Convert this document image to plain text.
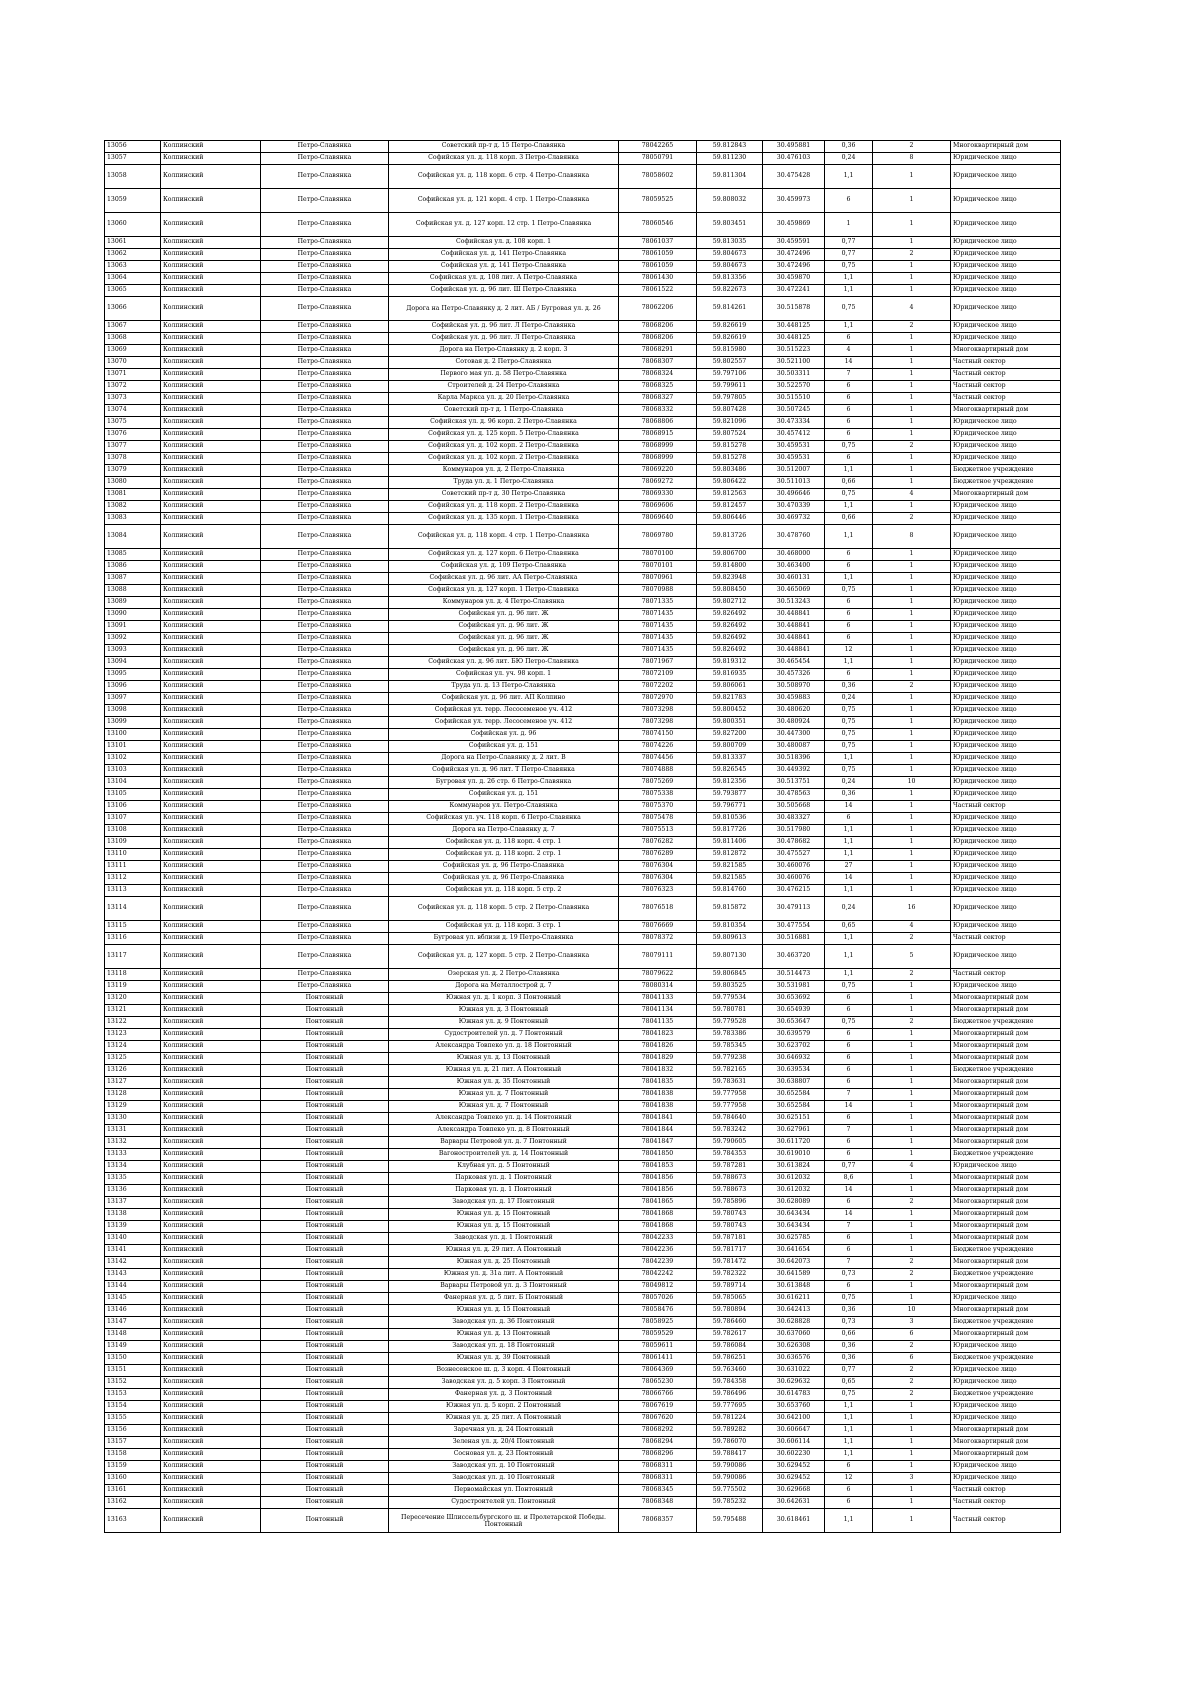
13056	Колпинский	Петро-Славянка	Советский пр-т д. 15 Петро-Славянка	78042265	59.812843	30.495881	0,36	2	Многоквартирный дом
13057	Колпинский	Петро-Славянка	Софийская ул. д. 118 корп. 3 Петро-Славянка	78050791	59.811230	30.476103	0,24	8	Юридическое лицо
13058	Колпинский	Петро-Славянка	Софийская ул. д. 118 корп. 6 стр. 4 Петро-Славянка	78058602	59.811304	30.475428	1,1	1	Юридическое лицо
13059	Колпинский	Петро-Славянка	Софийская ул. д. 121 корп. 4 стр. 1 Петро-Славянка	78059525	59.808032	30.459973	6	1	Юридическое лицо
13060	Колпинский	Петро-Славянка	Софийская ул. д. 127 корп. 12 стр. 1 Петро-Славянка	78060546	59.803451	30.459869	1	1	Юридическое лицо
13061	Колпинский	Петро-Славянка	Софийская ул. д. 108 корп. 1	78061037	59.813035	30.459591	0,77	1	Юридическое лицо
13062	Колпинский	Петро-Славянка	Софийская ул. д. 141 Петро-Славянка	78061059	59.804673	30.472496	0,77	2	Юридическое лицо
13063	Колпинский	Петро-Славянка	Софийская ул. д. 141 Петро-Славянка	78061059	59.804673	30.472496	0,75	1	Юридическое лицо
13064	Колпинский	Петро-Славянка	Софийская ул. д. 108 лит. А Петро-Славянка	78061430	59.813356	30.459870	1,1	1	Юридическое лицо
13065	Колпинский	Петро-Славянка	Софийская ул. д. 96 лит. Ш Петро-Славянка	78061522	59.822673	30.472241	1,1	1	Юридическое лицо
13066	Колпинский	Петро-Славянка	Дорога на Петро-Славянку д. 2 лит. АБ / Бугровая ул. д. 26	78062206	59.814261	30.515878	0,75	4	Юридическое лицо
13067	Колпинский	Петро-Славянка	Софийская ул. д. 96 лит. Л Петро-Славянка	78068206	59.826619	30.448125	1,1	2	Юридическое лицо
13068	Колпинский	Петро-Славянка	Софийская ул. д. 96 лит. Л Петро-Славянка	78068206	59.826619	30.448125	6	1	Юридическое лицо
13069	Колпинский	Петро-Славянка	Дорога на Петро-Славянку д. 2 корп. 3	78068291	59.815980	30.515223	4	1	Многоквартирный дом
13070	Колпинский	Петро-Славянка	Сотовая д. 2 Петро-Славянка	78068307	59.802557	30.521100	14	1	Частный сектор
13071	Колпинский	Петро-Славянка	Первого мая ул. д. 58 Петро-Славянка	78068324	59.797106	30.503311	7	1	Частный сектор
13072	Колпинский	Петро-Славянка	Строителей д. 24 Петро-Славянка	78068325	59.799611	30.522570	6	1	Частный сектор
13073	Колпинский	Петро-Славянка	Карла Маркса ул. д. 20 Петро-Славянка	78068327	59.797805	30.515510	6	1	Частный сектор
13074	Колпинский	Петро-Славянка	Советский пр-т д. 1 Петро-Славянка	78068332	59.807428	30.507245	6	1	Многоквартирный дом
13075	Колпинский	Петро-Славянка	Софийская ул. д. 96 корп. 2 Петро-Славянка	78068806	59.821096	30.473334	6	1	Юридическое лицо
13076	Колпинский	Петро-Славянка	Софийская ул. д. 125 корп. 5 Петро-Славянка	78068915	59.807524	30.457412	6	1	Юридическое лицо
13077	Колпинский	Петро-Славянка	Софийская ул. д. 102 корп. 2 Петро-Славянка	78068999	59.815278	30.459531	0,75	2	Юридическое лицо
13078	Колпинский	Петро-Славянка	Софийская ул. д. 102 корп. 2 Петро-Славянка	78068999	59.815278	30.459531	6	1	Юридическое лицо
13079	Колпинский	Петро-Славянка	Коммунаров ул. д. 2 Петро-Славянка	78069220	59.803486	30.512007	1,1	1	Бюджетное учреждение
13080	Колпинский	Петро-Славянка	Труда ул. д. 1 Петро-Славянка	78069272	59.806422	30.511013	0,66	1	Бюджетное учреждение
13081	Колпинский	Петро-Славянка	Советский пр-т д. 30 Петро-Славянка	78069330	59.812563	30.496646	0,75	4	Многоквартирный дом
13082	Колпинский	Петро-Славянка	Софийская ул. д. 118 корп. 2 Петро-Славянка	78069606	59.812457	30.470339	1,1	1	Юридическое лицо
13083	Колпинский	Петро-Славянка	Софийская ул. д. 135 корп. 1 Петро-Славянка	78069640	59.806446	30.469732	0,66	2	Юридическое лицо
13084	Колпинский	Петро-Славянка	Софийская ул. д. 118 корп. 4 стр. 1 Петро-Славянка	78069780	59.813726	30.478760	1,1	8	Юридическое лицо
13085	Колпинский	Петро-Славянка	Софийская ул. д. 127 корп. 6 Петро-Славянка	78070100	59.806700	30.468000	6	1	Юридическое лицо
13086	Колпинский	Петро-Славянка	Софийская ул. д. 109 Петро-Славянка	78070101	59.814800	30.463400	6	1	Юридическое лицо
13087	Колпинский	Петро-Славянка	Софийская ул. д. 96 лит. АА Петро-Славянка	78070961	59.823948	30.460131	1,1	1	Юридическое лицо
13088	Колпинский	Петро-Славянка	Софийская ул. д. 127 корп. 1 Петро-Славянка	78070988	59.808450	30.465069	0,75	1	Юридическое лицо
13089	Колпинский	Петро-Славянка	Коммунаров ул. д. 4 Петро-Славянка	78071335	59.802712	30.513243	6	1	Юридическое лицо
13090	Колпинский	Петро-Славянка	Софийская ул. д. 96 лит. Ж	78071435	59.826492	30.448841	6	1	Юридическое лицо
13091	Колпинский	Петро-Славянка	Софийская ул. д. 96 лит. Ж	78071435	59.826492	30.448841	6	1	Юридическое лицо
13092	Колпинский	Петро-Славянка	Софийская ул. д. 96 лит. Ж	78071435	59.826492	30.448841	6	1	Юридическое лицо
13093	Колпинский	Петро-Славянка	Софийская ул. д. 96 лит. Ж	78071435	59.826492	30.448841	12	1	Юридическое лицо
13094	Колпинский	Петро-Славянка	Софийская ул. д. 96 лит. БЮ Петро-Славянка	78071967	59.819312	30.465454	1,1	1	Юридическое лицо
13095	Колпинский	Петро-Славянка	Софийская ул. уч. 98 корп. 1	78072109	59.816935	30.457326	6	1	Юридическое лицо
13096	Колпинский	Петро-Славянка	Труда ул. д. 13 Петро-Славянка	78072202	59.806061	30.508970	0,36	2	Юридическое лицо
13097	Колпинский	Петро-Славянка	Софийская ул. д. 96 лит. АП Колпино	78072970	59.821783	30.459883	0,24	1	Юридическое лицо
13098	Колпинский	Петро-Славянка	Софийская ул. терр. Лесосеменое уч. 412	78073298	59.800452	30.480620	0,75	1	Юридическое лицо
13099	Колпинский	Петро-Славянка	Софийская ул. терр. Лесосеменое уч. 412	78073298	59.800351	30.480924	0,75	1	Юридическое лицо
13100	Колпинский	Петро-Славянка	Софийская ул. д. 96	78074150	59.827200	30.447300	0,75	1	Юридическое лицо
13101	Колпинский	Петро-Славянка	Софийская ул. д. 151	78074226	59.800709	30.480087	0,75	1	Юридическое лицо
13102	Колпинский	Петро-Славянка	Дорога на Петро-Славянку д. 2 лит. В	78074456	59.813337	30.518396	1,1	1	Юридическое лицо
13103	Колпинский	Петро-Славянка	Софийская ул. д. 96 лит. Т Петро-Славянка	78074888	59.826545	30.449392	0,75	1	Юридическое лицо
13104	Колпинский	Петро-Славянка	Бугровая ул. д. 26 стр. 6 Петро-Славянка	78075269	59.812356	30.513751	0,24	10	Юридическое лицо
13105	Колпинский	Петро-Славянка	Софийская ул. д. 151	78075338	59.793877	30.478563	0,36	1	Юридическое лицо
13106	Колпинский	Петро-Славянка	Коммунаров ул. Петро-Славянка	78075370	59.796771	30.505668	14	1	Частный сектор
13107	Колпинский	Петро-Славянка	Софийская ул. уч. 118 корп. 6 Петро-Славянка	78075478	59.810536	30.483327	6	1	Юридическое лицо
13108	Колпинский	Петро-Славянка	Дорога на Петро-Славянку д. 7	78075513	59.817726	30.517980	1,1	1	Юридическое лицо
13109	Колпинский	Петро-Славянка	Софийская ул. д. 118 корп. 4 стр. 1	78076282	59.811406	30.478682	1,1	1	Юридическое лицо
13110	Колпинский	Петро-Славянка	Софийская ул. д. 118 корп. 2 стр. 1	78076289	59.812872	30.475527	1,1	1	Юридическое лицо
13111	Колпинский	Петро-Славянка	Софийская ул. д. 96 Петро-Славянка	78076304	59.821585	30.460076	27	1	Юридическое лицо
13112	Колпинский	Петро-Славянка	Софийская ул. д. 96 Петро-Славянка	78076304	59.821585	30.460076	14	1	Юридическое лицо
13113	Колпинский	Петро-Славянка	Софийская ул. д. 118 корп. 5 стр. 2	78076323	59.814760	30.476215	1,1	1	Юридическое лицо
13114	Колпинский	Петро-Славянка	Софийская ул. д. 118 корп. 5 стр. 2 Петро-Славянка	78076518	59.815872	30.479113	0,24	16	Юридическое лицо
13115	Колпинский	Петро-Славянка	Софийская ул. д. 118 корп. 3 стр. 1	78076669	59.810354	30.477554	0,65	4	Юридическое лицо
13116	Колпинский	Петро-Славянка	Бугровая ул. вблизи д. 19 Петро-Славянка	78078372	59.809613	30.516881	1,1	2	Частный сектор
13117	Колпинский	Петро-Славянка	Софийская ул. д. 127 корп. 5 стр. 2 Петро-Славянка	78079111	59.807130	30.463720	1,1	5	Юридическое лицо
13118	Колпинский	Петро-Славянка	Озерская ул. д. 2 Петро-Славянка	78079622	59.806845	30.514473	1,1	2	Частный сектор
13119	Колпинский	Петро-Славянка	Дорога на Металлострой д. 7	78080314	59.803525	30.531981	0,75	1	Юридическое лицо
13120	Колпинский	Понтонный	Южная ул. д. 1 корп. 3 Понтонный	78041133	59.779534	30.653692	6	1	Многоквартирный дом
13121	Колпинский	Понтонный	Южная ул. д. 3 Понтонный	78041134	59.780781	30.654939	6	1	Многоквартирный дом
13122	Колпинский	Понтонный	Южная ул. д. 9 Понтонный	78041135	59.779528	30.653647	0,75	2	Бюджетное учреждение
13123	Колпинский	Понтонный	Судостроителей ул. д. 7 Понтонный	78041823	59.783386	30.639579	6	1	Многоквартирный дом
13124	Колпинский	Понтонный	Александра Товпеко ул. д. 18 Понтонный	78041826	59.785345	30.623702	6	1	Многоквартирный дом
13125	Колпинский	Понтонный	Южная ул. д. 13 Понтонный	78041829	59.779238	30.646932	6	1	Многоквартирный дом
13126	Колпинский	Понтонный	Южная ул. д. 21 лит. А Понтонный	78041832	59.782165	30.639534	6	1	Бюджетное учреждение
13127	Колпинский	Понтонный	Южная ул. д. 35 Понтонный	78041835	59.783631	30.638807	6	1	Многоквартирный дом
13128	Колпинский	Понтонный	Южная ул. д. 7 Понтонный	78041838	59.777958	30.652584	7	1	Многоквартирный дом
13129	Колпинский	Понтонный	Южная ул. д. 7 Понтонный	78041838	59.777958	30.652584	14	1	Многоквартирный дом
13130	Колпинский	Понтонный	Александра Товпеко ул. д. 14 Понтонный	78041841	59.784640	30.625151	6	1	Многоквартирный дом
13131	Колпинский	Понтонный	Александра Товпеко ул. д. 8 Понтонный	78041844	59.783242	30.627961	7	1	Многоквартирный дом
13132	Колпинский	Понтонный	Варвары Петровой ул. д. 7 Понтонный	78041847	59.790605	30.611720	6	1	Многоквартирный дом
13133	Колпинский	Понтонный	Вагоностроителей ул. д. 14 Понтонный	78041850	59.784353	30.619010	6	1	Бюджетное учреждение
13134	Колпинский	Понтонный	Клубная ул. д. 5 Понтонный	78041853	59.787281	30.613824	0,77	4	Юридическое лицо
13135	Колпинский	Понтонный	Парковая ул. д. 1 Понтонный	78041856	59.788673	30.612032	8,6	1	Многоквартирный дом
13136	Колпинский	Понтонный	Парковая ул. д. 1 Понтонный	78041856	59.788673	30.612032	14	1	Многоквартирный дом
13137	Колпинский	Понтонный	Заводская ул. д. 17 Понтонный	78041865	59.785896	30.628089	6	2	Многоквартирный дом
13138	Колпинский	Понтонный	Южная ул. д. 15 Понтонный	78041868	59.780743	30.643434	14	1	Многоквартирный дом
13139	Колпинский	Понтонный	Южная ул. д. 15 Понтонный	78041868	59.780743	30.643434	7	1	Многоквартирный дом
13140	Колпинский	Понтонный	Заводская ул. д. 1 Понтонный	78042233	59.787181	30.625785	6	1	Многоквартирный дом
13141	Колпинский	Понтонный	Южная ул. д. 29 лит. А Понтонный	78042236	59.781717	30.641654	6	1	Бюджетное учреждение
13142	Колпинский	Понтонный	Южная ул. д. 25 Понтонный	78042239	59.781472	30.642073	7	2	Многоквартирный дом
13143	Колпинский	Понтонный	Южная ул. д. 31а лит. А Понтонный	78042242	59.782322	30.641589	0,73	2	Бюджетное учреждение
13144	Колпинский	Понтонный	Варвары Петровой ул. д. 3 Понтонный	78049812	59.789714	30.613848	6	1	Многоквартирный дом
13145	Колпинский	Понтонный	Фанерная ул. д. 5 лит. Б Понтонный	78057026	59.785065	30.616211	0,75	1	Юридическое лицо
13146	Колпинский	Понтонный	Южная ул. д. 15 Понтонный	78058476	59.780894	30.642413	0,36	10	Многоквартирный дом
13147	Колпинский	Понтонный	Заводская ул. д. 36 Понтонный	78058925	59.786460	30.628828	0,73	3	Бюджетное учреждение
13148	Колпинский	Понтонный	Южная ул. д. 13 Понтонный	78059529	59.782617	30.637060	0,66	6	Многоквартирный дом
13149	Колпинский	Понтонный	Заводская ул. д. 18 Понтонный	78059611	59.786084	30.626308	0,36	2	Юридическое лицо
13150	Колпинский	Понтонный	Южная ул. д. 39 Понтонный	78061411	59.786251	30.636576	0,36	6	Бюджетное учреждение
13151	Колпинский	Понтонный	Вознесенское ш. д. 3 корп. 4 Понтонный	78064369	59.763460	30.631022	0,77	2	Юридическое лицо
13152	Колпинский	Понтонный	Заводская ул. д. 5 корп. 3 Понтонный	78065230	59.784358	30.629632	0,65	2	Юридическое лицо
13153	Колпинский	Понтонный	Фанерная ул. д. 3 Понтонный	78066766	59.786496	30.614783	0,75	2	Бюджетное учреждение
13154	Колпинский	Понтонный	Южная ул. д. 5 корп. 2 Понтонный	78067619	59.777695	30.653760	1,1	1	Юридическое лицо
13155	Колпинский	Понтонный	Южная ул. д. 25 лит. А Понтонный	78067620	59.781224	30.642100	1,1	1	Юридическое лицо
13156	Колпинский	Понтонный	Заречная ул. д. 24 Понтонный	78068292	59.789282	30.606647	1,1	1	Многоквартирный дом
13157	Колпинский	Понтонный	Зеленая ул. д. 20/4 Понтонный	78068294	59.786070	30.606114	1,1	1	Многоквартирный дом
13158	Колпинский	Понтонный	Сосновая ул. д. 23 Понтонный	78068296	59.788417	30.602230	1,1	1	Многоквартирный дом
13159	Колпинский	Понтонный	Заводская ул. д. 10 Понтонный	78068311	59.790086	30.629452	6	1	Юридическое лицо
13160	Колпинский	Понтонный	Заводская ул. д. 10 Понтонный	78068311	59.790086	30.629452	12	3	Юридическое лицо
13161	Колпинский	Понтонный	Первомайская ул. Понтонный	78068345	59.775502	30.629668	6	1	Частный сектор
13162	Колпинский	Понтонный	Судостроителей ул. Понтонный	78068348	59.785232	30.642631	6	1	Частный сектор
13163	Колпинский	Понтонный	Пересечение Шлиссельбургского ш. и Пролетарской Победы. Понтонный	78068357	59.795488	30.618461	1,1	1	Частный сектор
